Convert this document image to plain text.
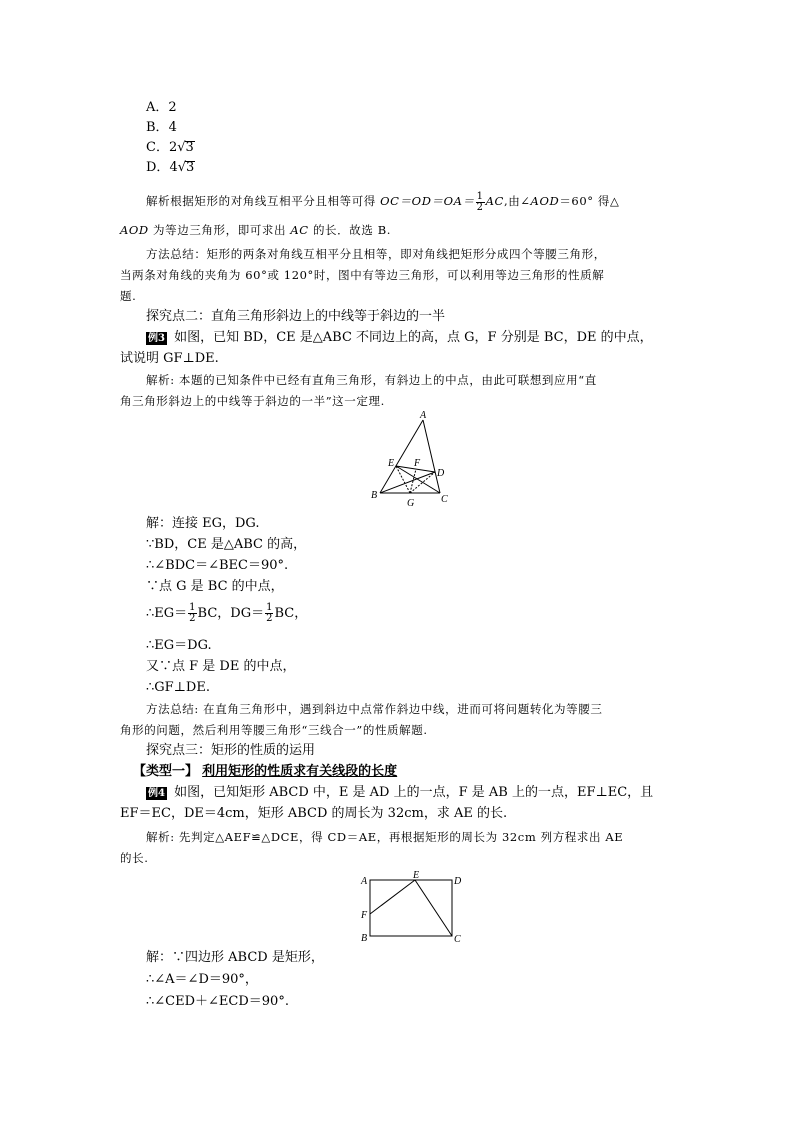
A．2
B．4
C．2√3
D．4√3
解析根据矩形的对角线互相平分且相等可得 $OC=OD=OA= \frac{1}{2}$ AC,由∠AOD＝60° 得△
AOD 为等边三角形，即可求出 AC 的长．故选 B.
方法总结：矩形的两条对角线互相平分且相等，即对角线把矩形分成四个等腰三角形，
当两条对角线的夹角为 60°或 120°时，图中有等边三角形，可以利用等边三角形的性质解
题.
探究点二：直角三角形斜边上的中线等于斜边的一半
例3 如图，已知 BD，CE 是△ABC 不同边上的高，点 G，F 分别是 BC，DE 的中点，
试说明 GF⊥DE.
解析: 本题的已知条件中已经有直角三角形，有斜边上的中点，由此可联想到应用“直
角三角形斜边上的中线等于斜边的一半”这一定理.
A
B	C
D
E F
G
解：连接 EG，DG.
∵BD，CE 是△ABC 的高，
∴∠BDC＝∠BEC＝90°.
∵点 G 是 BC 的中点，
∴EG＝ $\frac{1}{2}$ BC，$DG= \frac{1}{2}$ BC，
∴EG＝DG.
又∵点 F 是 DE 的中点，
∴GF⊥DE.
方法总结: 在直角三角形中，遇到斜边中点常作斜边中线，进而可将问题转化为等腰三
角形的问题，然后利用等腰三角形“三线合一”的性质解题.
探究点三：矩形的性质的运用
【类型一】 利用矩形的性质求有关线段的长度
例4 如图，已知矩形 ABCD 中，E 是 AD 上的一点，F 是 AB 上的一点，EF⊥EC，且
EF＝EC，DE＝4cm，矩形 ABCD 的周长为 32cm，求 AE 的长.
解析: 先判定△AEF≌△DCE，得 CD＝AE，再根据矩形的周长为 32cm 列方程求出 AE
的长.
A
B	C
D
E
F
解：∵四边形 ABCD 是矩形，
∴∠A＝∠D＝90°，
∴∠CED＋∠ECD＝90°.
